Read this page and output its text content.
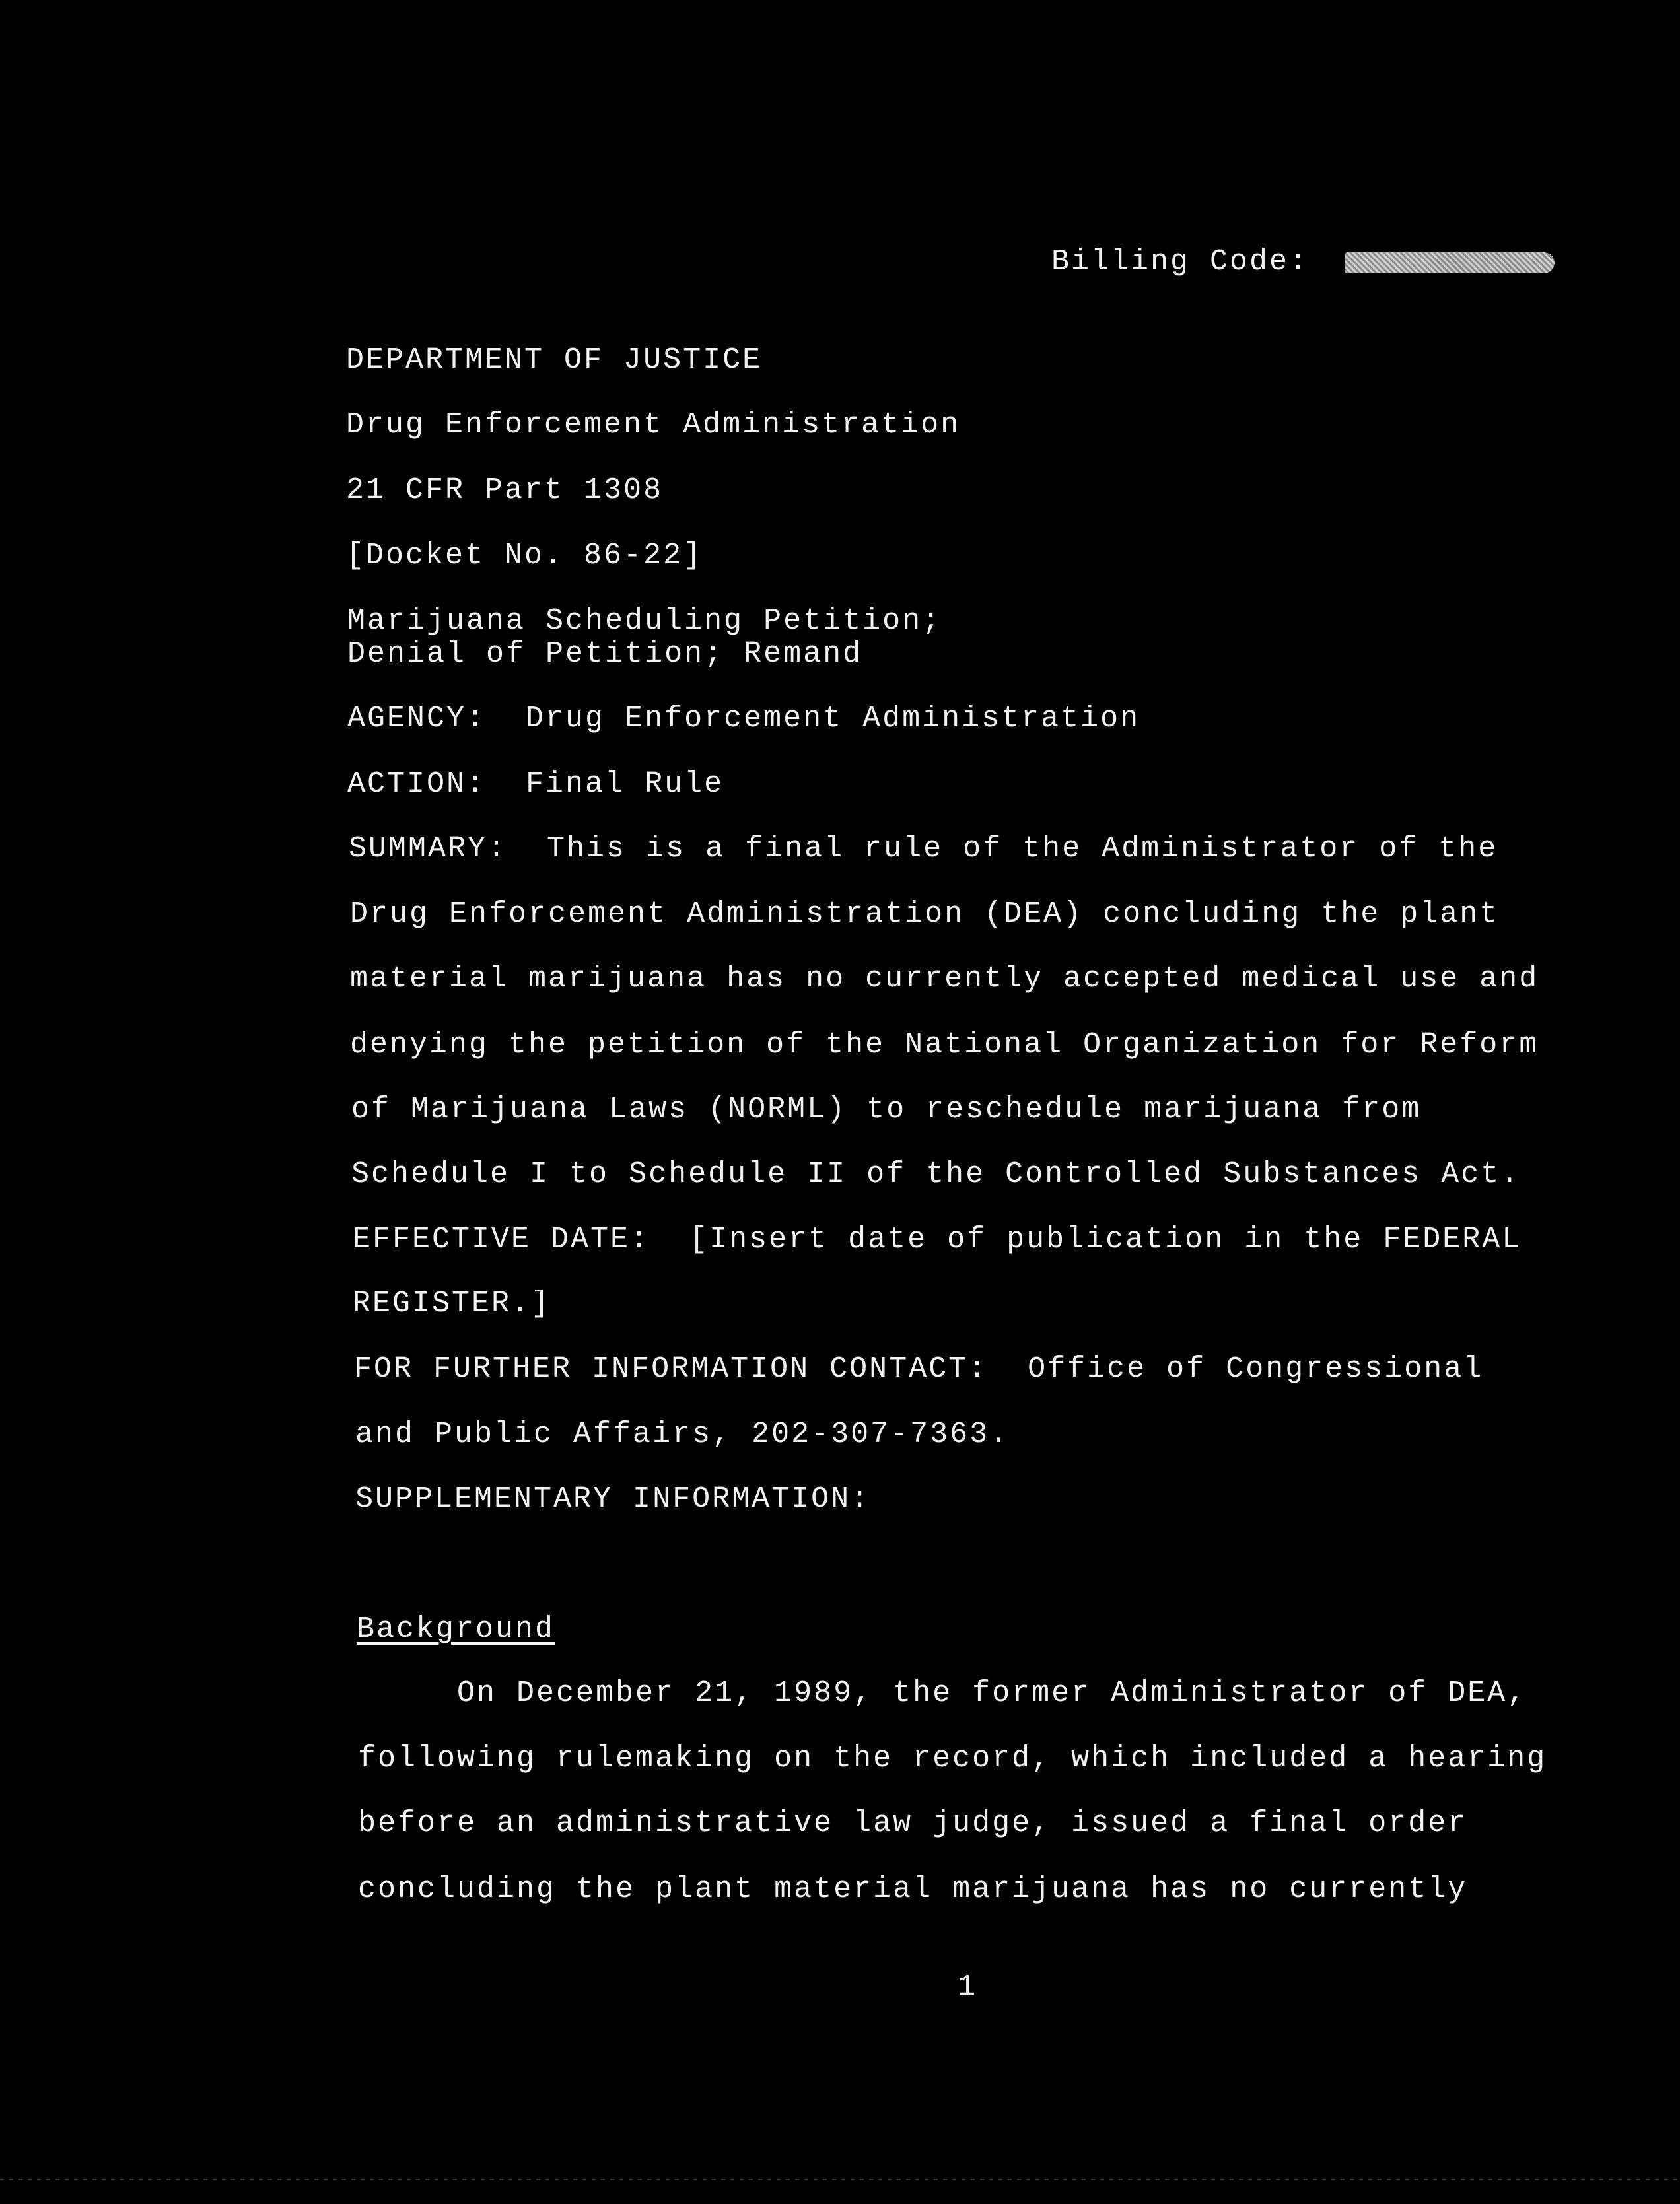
Billing Code:
DEPARTMENT OF JUSTICE
Drug Enforcement Administration
21 CFR Part 1308
[Docket No. 86-22]
Marijuana Scheduling Petition;
Denial of Petition; Remand
AGENCY:  Drug Enforcement Administration
ACTION:  Final Rule
SUMMARY:  This is a final rule of the Administrator of the
Drug Enforcement Administration (DEA) concluding the plant
material marijuana has no currently accepted medical use and
denying the petition of the National Organization for Reform
of Marijuana Laws (NORML) to reschedule marijuana from
Schedule I to Schedule II of the Controlled Substances Act.
EFFECTIVE DATE:  [Insert date of publication in the FEDERAL
REGISTER.]
FOR FURTHER INFORMATION CONTACT:  Office of Congressional
and Public Affairs, 202-307-7363.
SUPPLEMENTARY INFORMATION:
Background
On December 21, 1989, the former Administrator of DEA,
following rulemaking on the record, which included a hearing
before an administrative law judge, issued a final order
concluding the plant material marijuana has no currently
1
